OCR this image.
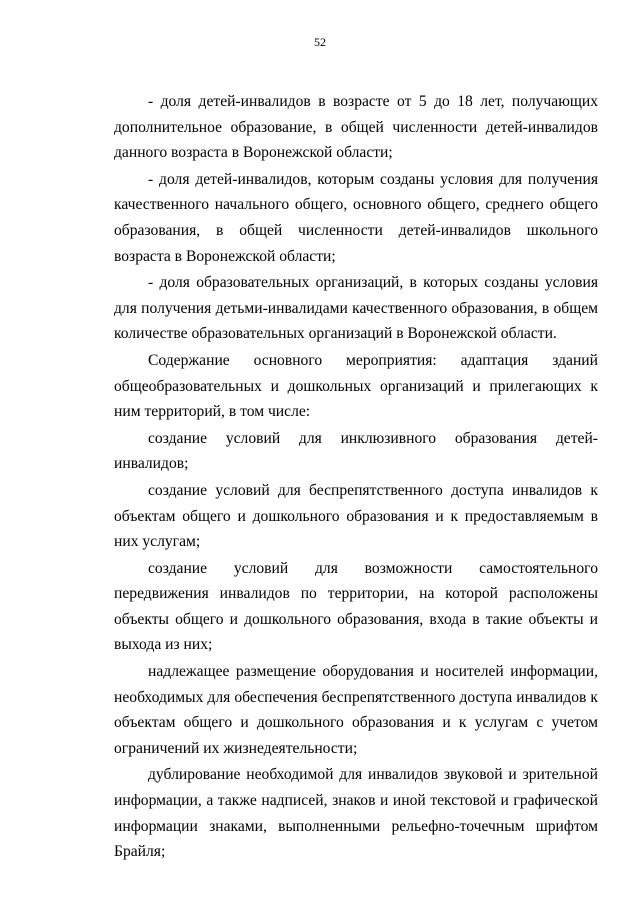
52

- доля детей-инвалидов в возрасте от 5 до 18 лет, получающих дополнительное образование, в общей численности детей-инвалидов данного возраста в Воронежской области;

- доля детей-инвалидов, которым созданы условия для получения качественного начального общего, основного общего, среднего общего образования, в общей численности детей-инвалидов школьного возраста в Воронежской области;

- доля образовательных организаций, в которых созданы условия для получения детьми-инвалидами качественного образования, в общем количестве образовательных организаций в Воронежской области.

Содержание основного мероприятия: адаптация зданий общеобразовательных и дошкольных организаций и прилегающих к ним территорий, в том числе:

создание условий для инклюзивного образования детей-инвалидов;

создание условий для беспрепятственного доступа инвалидов к объектам общего и дошкольного образования и к предоставляемым в них услугам;

создание условий для возможности самостоятельного передвижения инвалидов по территории, на которой расположены объекты общего и дошкольного образования, входа в такие объекты и выхода из них;

надлежащее размещение оборудования и носителей информации, необходимых для обеспечения беспрепятственного доступа инвалидов к объектам общего и дошкольного образования и к услугам с учетом ограничений их жизнедеятельности;

дублирование необходимой для инвалидов звуковой и зрительной информации, а также надписей, знаков и иной текстовой и графической информации знаками, выполненными рельефно-точечным шрифтом Брайля;
